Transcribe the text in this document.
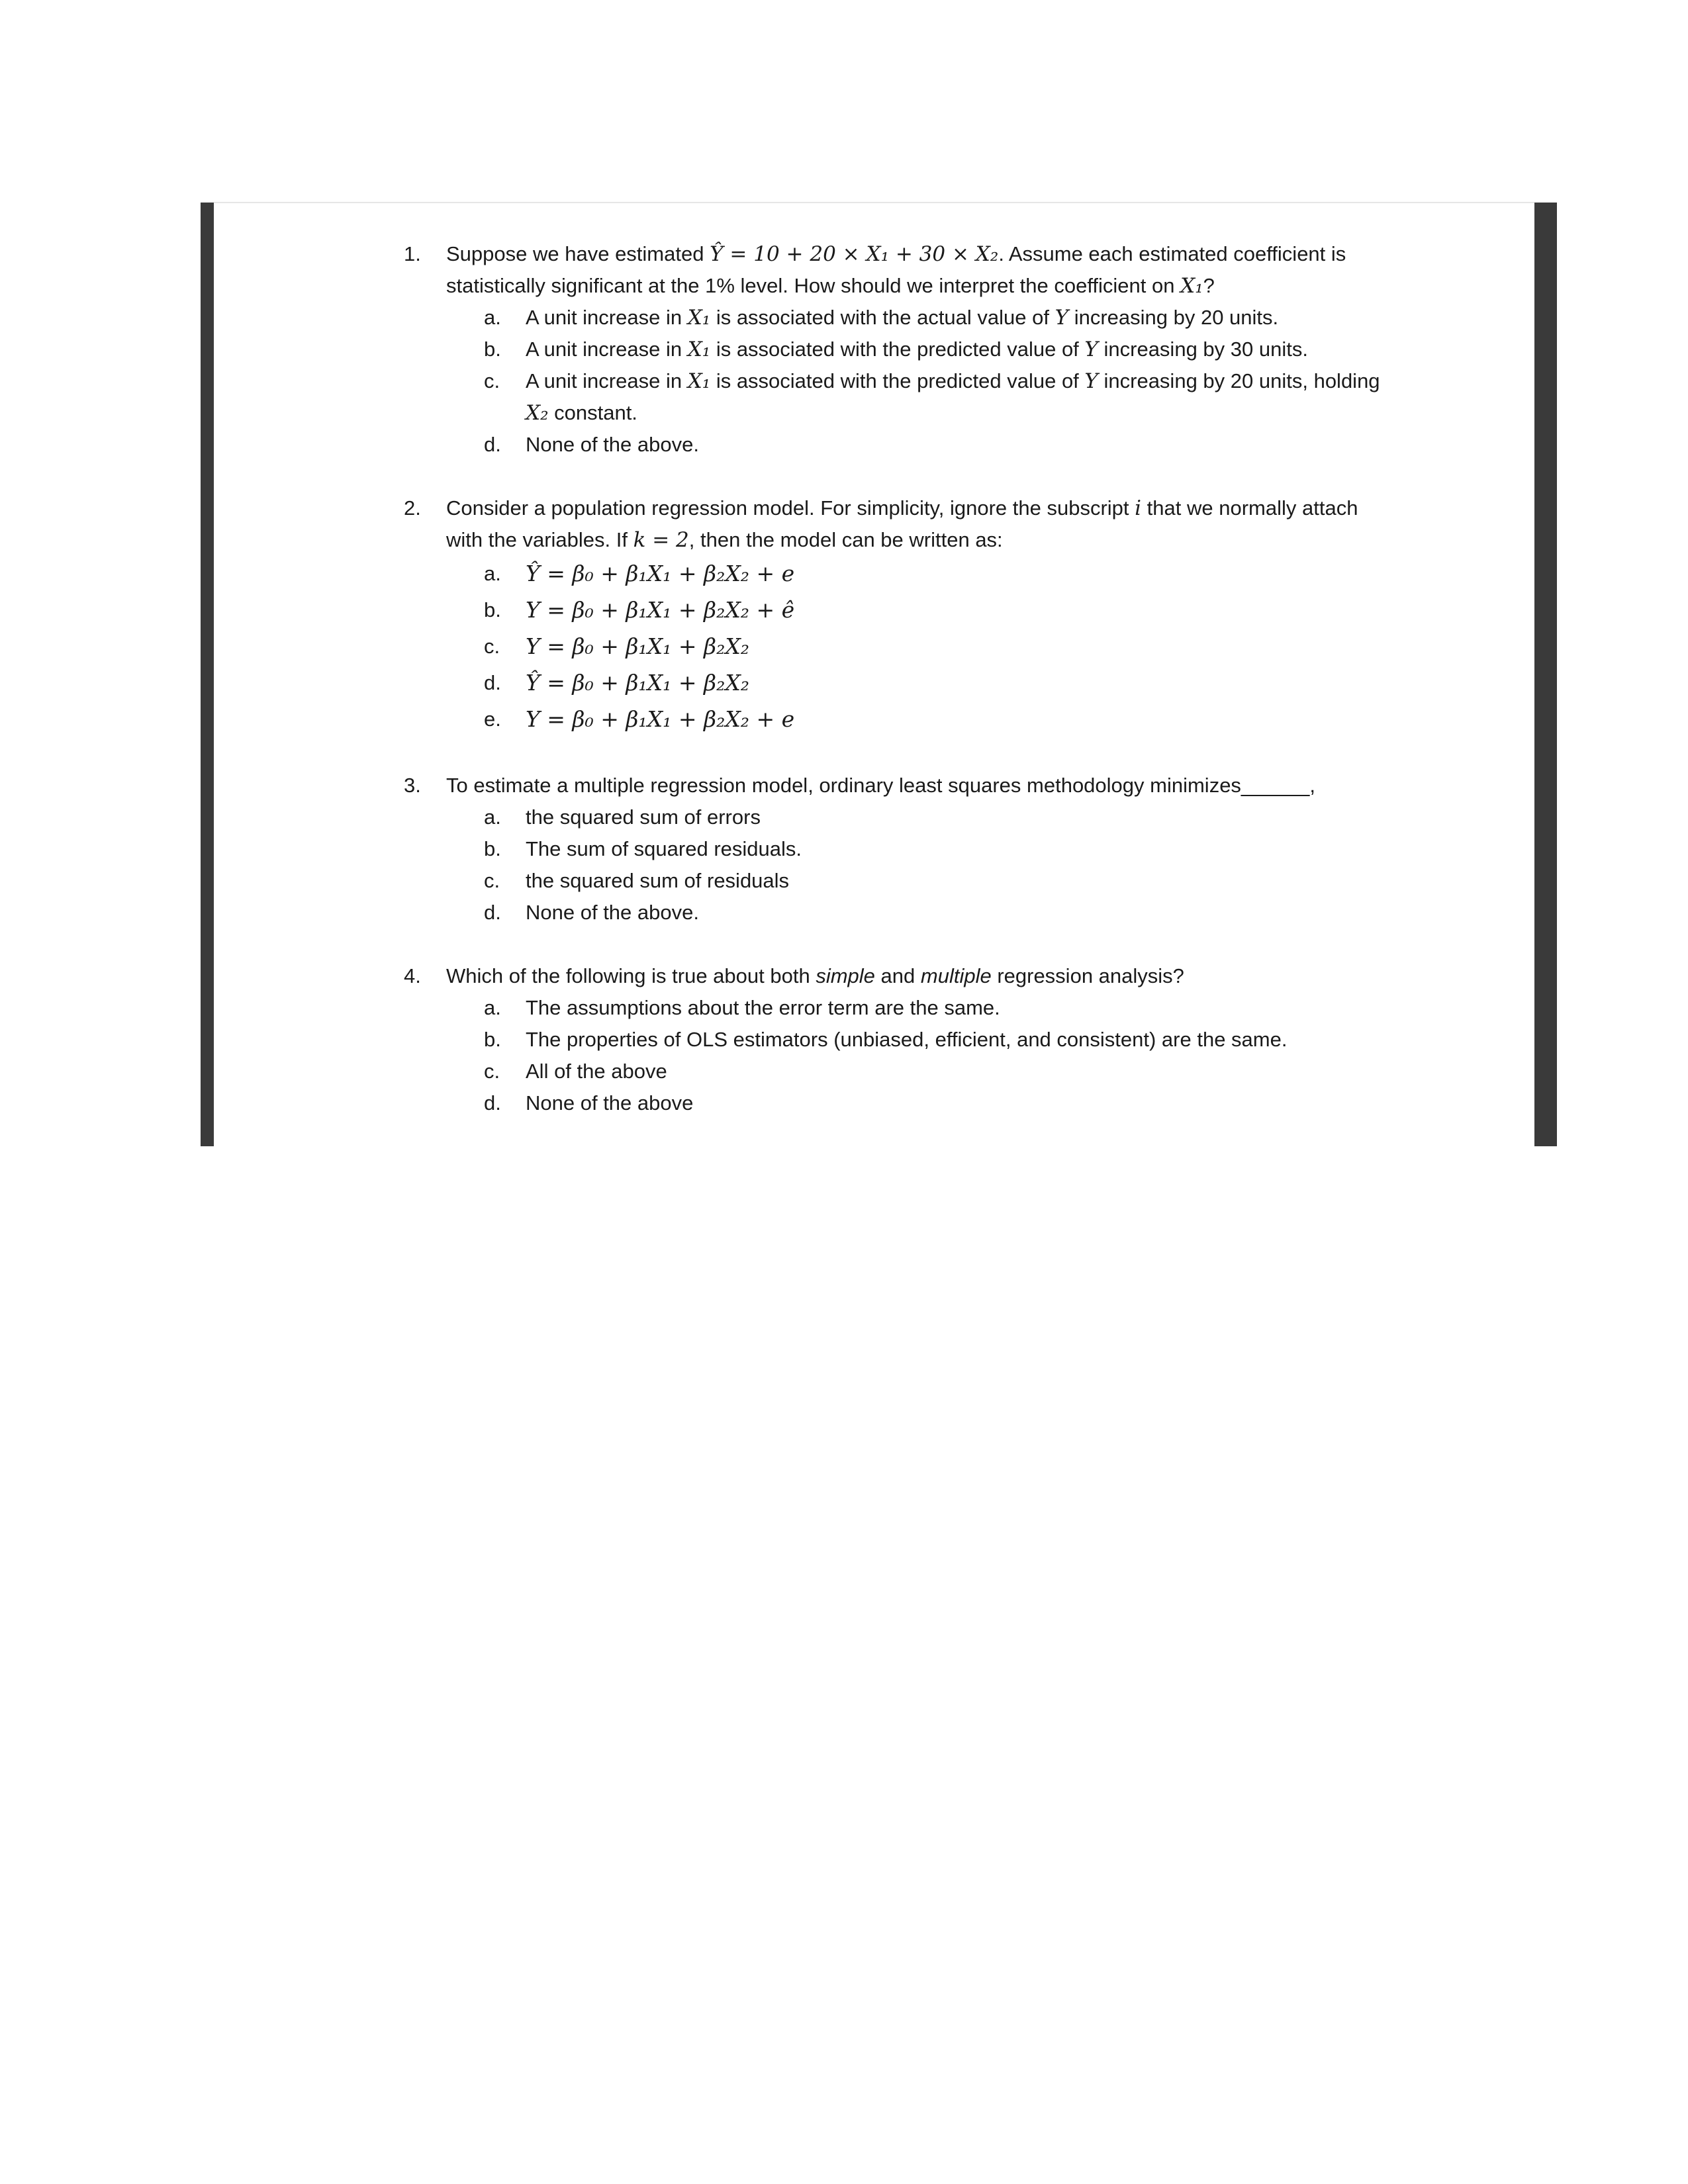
1. Suppose we have estimated Ŷ = 10 + 20 × X₁ + 30 × X₂. Assume each estimated coefficient is statistically significant at the 1% level. How should we interpret the coefficient on X₁?
a. A unit increase in X₁ is associated with the actual value of Y increasing by 20 units.
b. A unit increase in X₁ is associated with the predicted value of Y increasing by 30 units.
c. A unit increase in X₁ is associated with the predicted value of Y increasing by 20 units, holding X₂ constant.
d. None of the above.
2. Consider a population regression model. For simplicity, ignore the subscript i that we normally attach with the variables. If k = 2, then the model can be written as:
a. Ŷ = β₀ + β₁X₁ + β₂X₂ + e
b. Y = β₀ + β₁X₁ + β₂X₂ + ê
c. Y = β₀ + β₁X₁ + β₂X₂
d. Ŷ = β₀ + β₁X₁ + β₂X₂
e. Y = β₀ + β₁X₁ + β₂X₂ + e
3. To estimate a multiple regression model, ordinary least squares methodology minimizes______,
a. the squared sum of errors
b. The sum of squared residuals.
c. the squared sum of residuals
d. None of the above.
4. Which of the following is true about both simple and multiple regression analysis?
a. The assumptions about the error term are the same.
b. The properties of OLS estimators (unbiased, efficient, and consistent) are the same.
c. All of the above
d. None of the above
